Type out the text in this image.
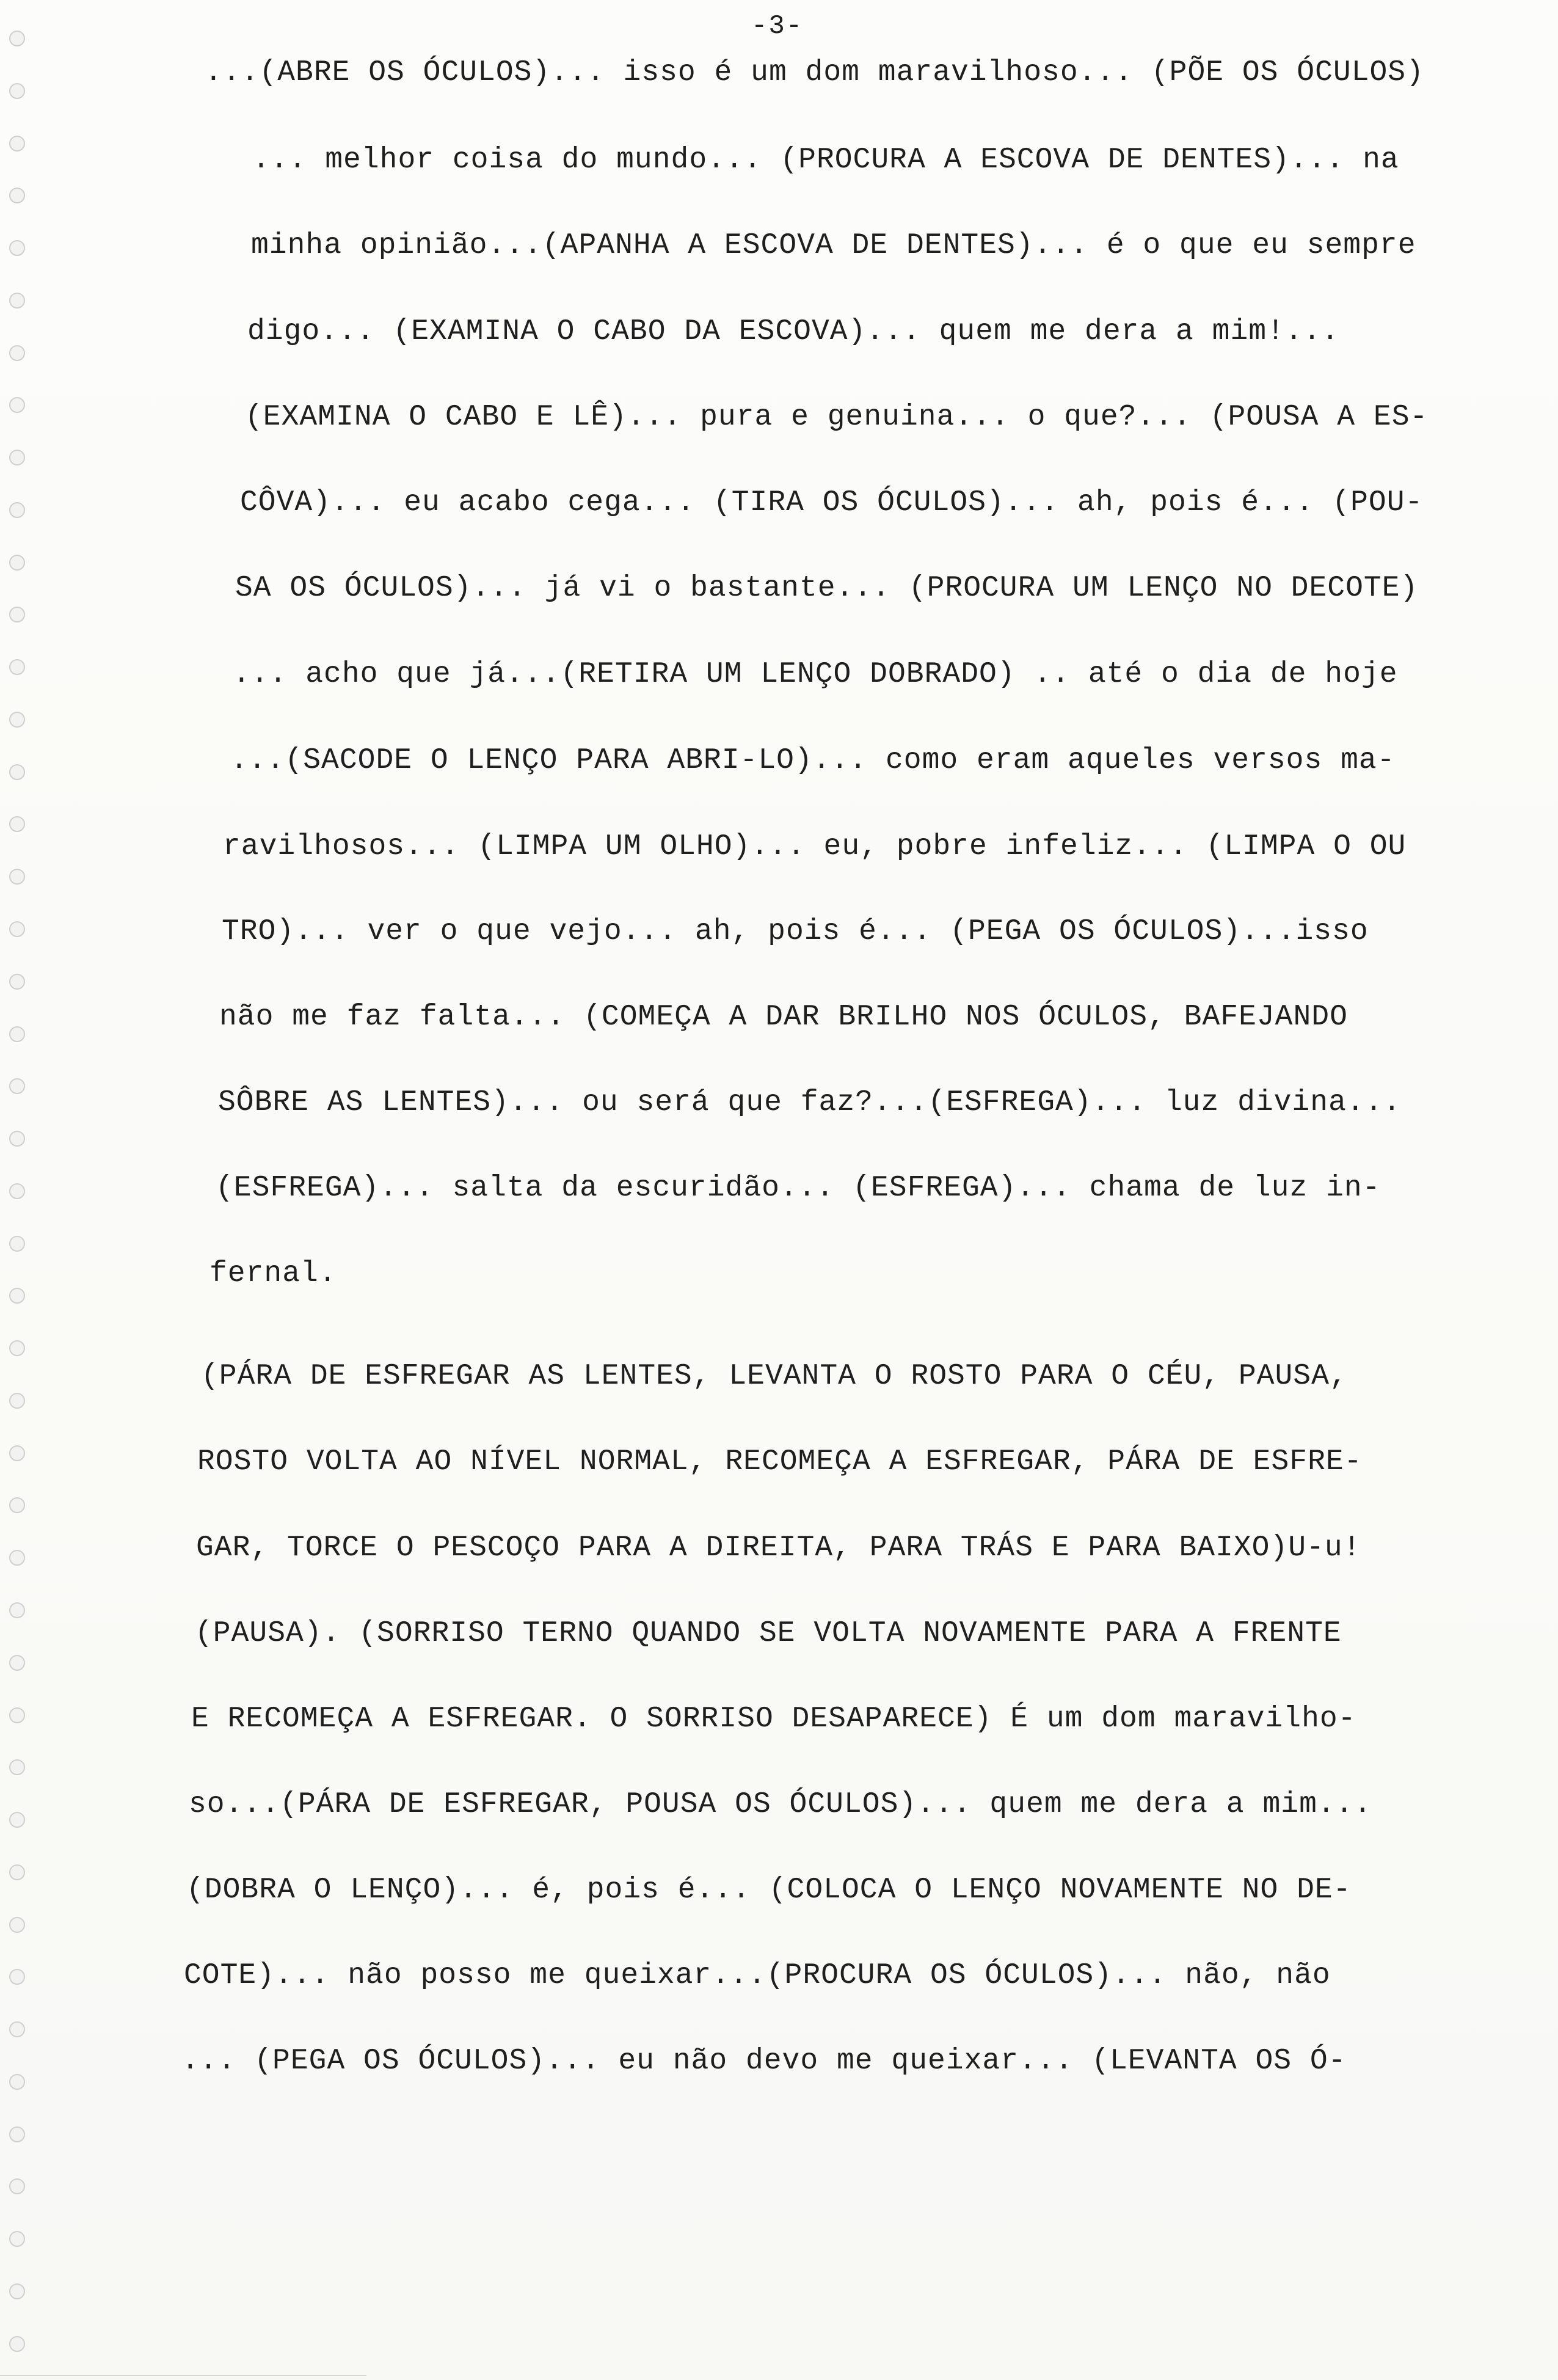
-3-
...(ABRE OS ÓCULOS)... isso é um dom maravilhoso... (PÕE OS ÓCULOS)
... melhor coisa do mundo... (PROCURA A ESCOVA DE DENTES)... na
minha opinião...(APANHA A ESCOVA DE DENTES)... é o que eu sempre
digo... (EXAMINA O CABO DA ESCOVA)... quem me dera a mim!...
(EXAMINA O CABO E LÊ)... pura e genuina... o que?... (POUSA A ES-
CÔVA)... eu acabo cega... (TIRA OS ÓCULOS)... ah, pois é... (POU-
SA OS ÓCULOS)... já vi o bastante... (PROCURA UM LENÇO NO DECOTE)
... acho que já...(RETIRA UM LENÇO DOBRADO) .. até o dia de hoje
...(SACODE O LENÇO PARA ABRI-LO)... como eram aqueles versos ma-
ravilhosos... (LIMPA UM OLHO)... eu, pobre infeliz... (LIMPA O OU
TRO)... ver o que vejo... ah, pois é... (PEGA OS ÓCULOS)...isso
não me faz falta... (COMEÇA A DAR BRILHO NOS ÓCULOS, BAFEJANDO
SÔBRE AS LENTES)... ou será que faz?...(ESFREGA)... luz divina...
(ESFREGA)... salta da escuridão... (ESFREGA)... chama de luz in-
fernal.
(PÁRA DE ESFREGAR AS LENTES, LEVANTA O ROSTO PARA O CÉU, PAUSA,
ROSTO VOLTA AO NÍVEL NORMAL, RECOMEÇA A ESFREGAR, PÁRA DE ESFRE-
GAR, TORCE O PESCOÇO PARA A DIREITA, PARA TRÁS E PARA BAIXO)U-u!
(PAUSA). (SORRISO TERNO QUANDO SE VOLTA NOVAMENTE PARA A FRENTE
E RECOMEÇA A ESFREGAR. O SORRISO DESAPARECE) É um dom maravilho-
so...(PÁRA DE ESFREGAR, POUSA OS ÓCULOS)... quem me dera a mim...
(DOBRA O LENÇO)... é, pois é... (COLOCA O LENÇO NOVAMENTE NO DE-
COTE)... não posso me queixar...(PROCURA OS ÓCULOS)... não, não
... (PEGA OS ÓCULOS)... eu não devo me queixar... (LEVANTA OS Ó-
